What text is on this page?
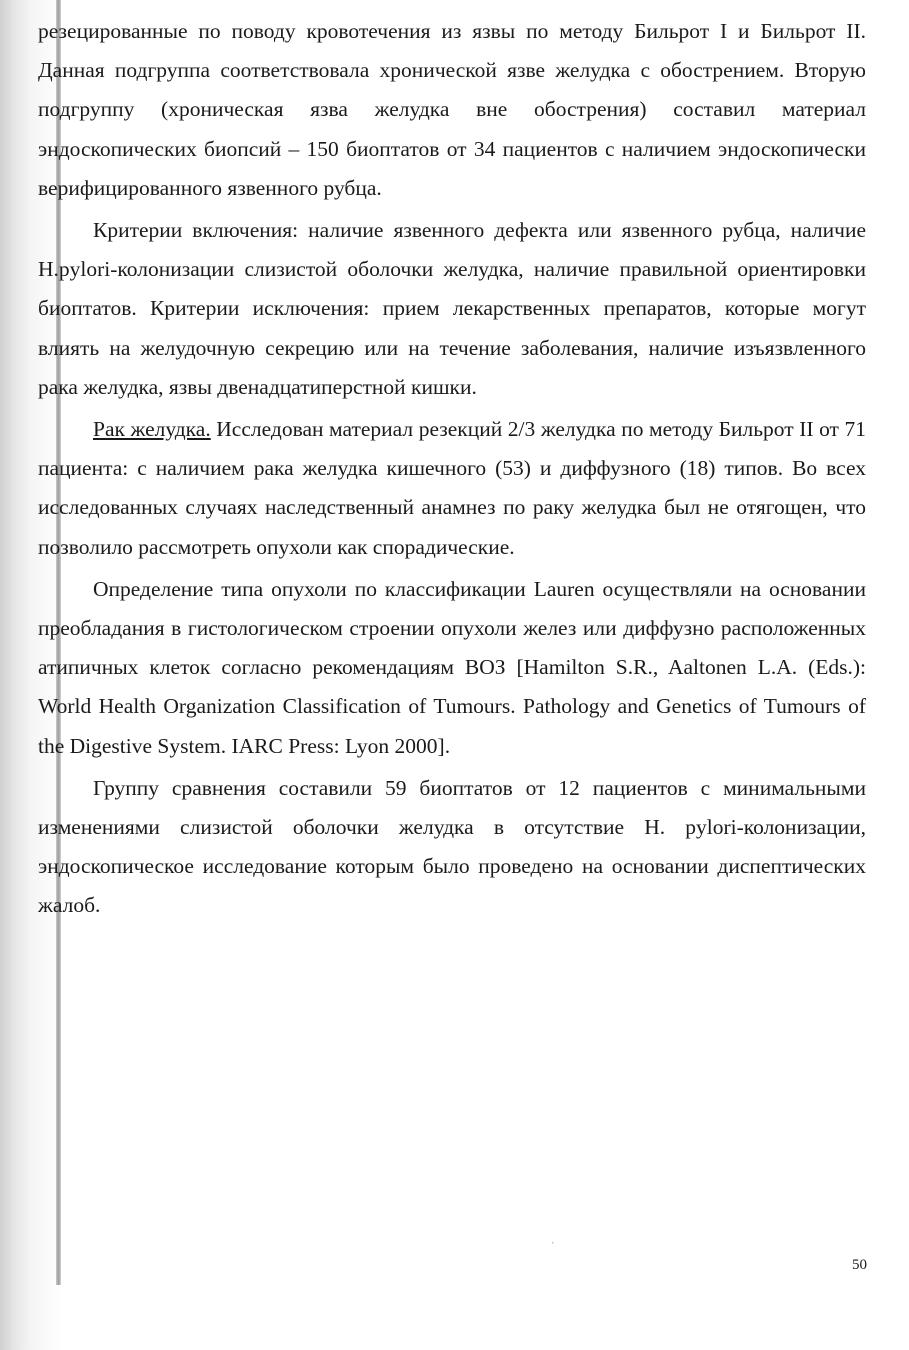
резецированные по поводу кровотечения из язвы по методу Бильрот I и Бильрот II. Данная подгруппа соответствовала хронической язве желудка с обострением. Вторую подгруппу (хроническая язва желудка вне обострения) составил материал эндоскопических биопсий – 150 биоптатов от 34 пациентов с наличием эндоскопически верифицированного язвенного рубца.

Критерии включения: наличие язвенного дефекта или язвенного рубца, наличие H.pylori-колонизации слизистой оболочки желудка, наличие правильной ориентировки биоптатов. Критерии исключения: прием лекарственных препаратов, которые могут влиять на желудочную секрецию или на течение заболевания, наличие изъязвленного рака желудка, язвы двенадцатиперстной кишки.

Рак желудка. Исследован материал резекций 2/3 желудка по методу Бильрот II от 71 пациента: с наличием рака желудка кишечного (53) и диффузного (18) типов. Во всех исследованных случаях наследственный анамнез по раку желудка был не отягощен, что позволило рассмотреть опухоли как спорадические.

Определение типа опухоли по классификации Lauren осуществляли на основании преобладания в гистологическом строении опухоли желез или диффузно расположенных атипичных клеток согласно рекомендациям ВОЗ [Hamilton S.R., Aaltonen L.A. (Eds.): World Health Organization Classification of Tumours. Pathology and Genetics of Tumours of the Digestive System. IARC Press: Lyon 2000].

Группу сравнения составили 59 биоптатов от 12 пациентов с минимальными изменениями слизистой оболочки желудка в отсутствие H. pylori-колонизации, эндоскопическое исследование которым было проведено на основании диспептических жалоб.

ˈ
50
